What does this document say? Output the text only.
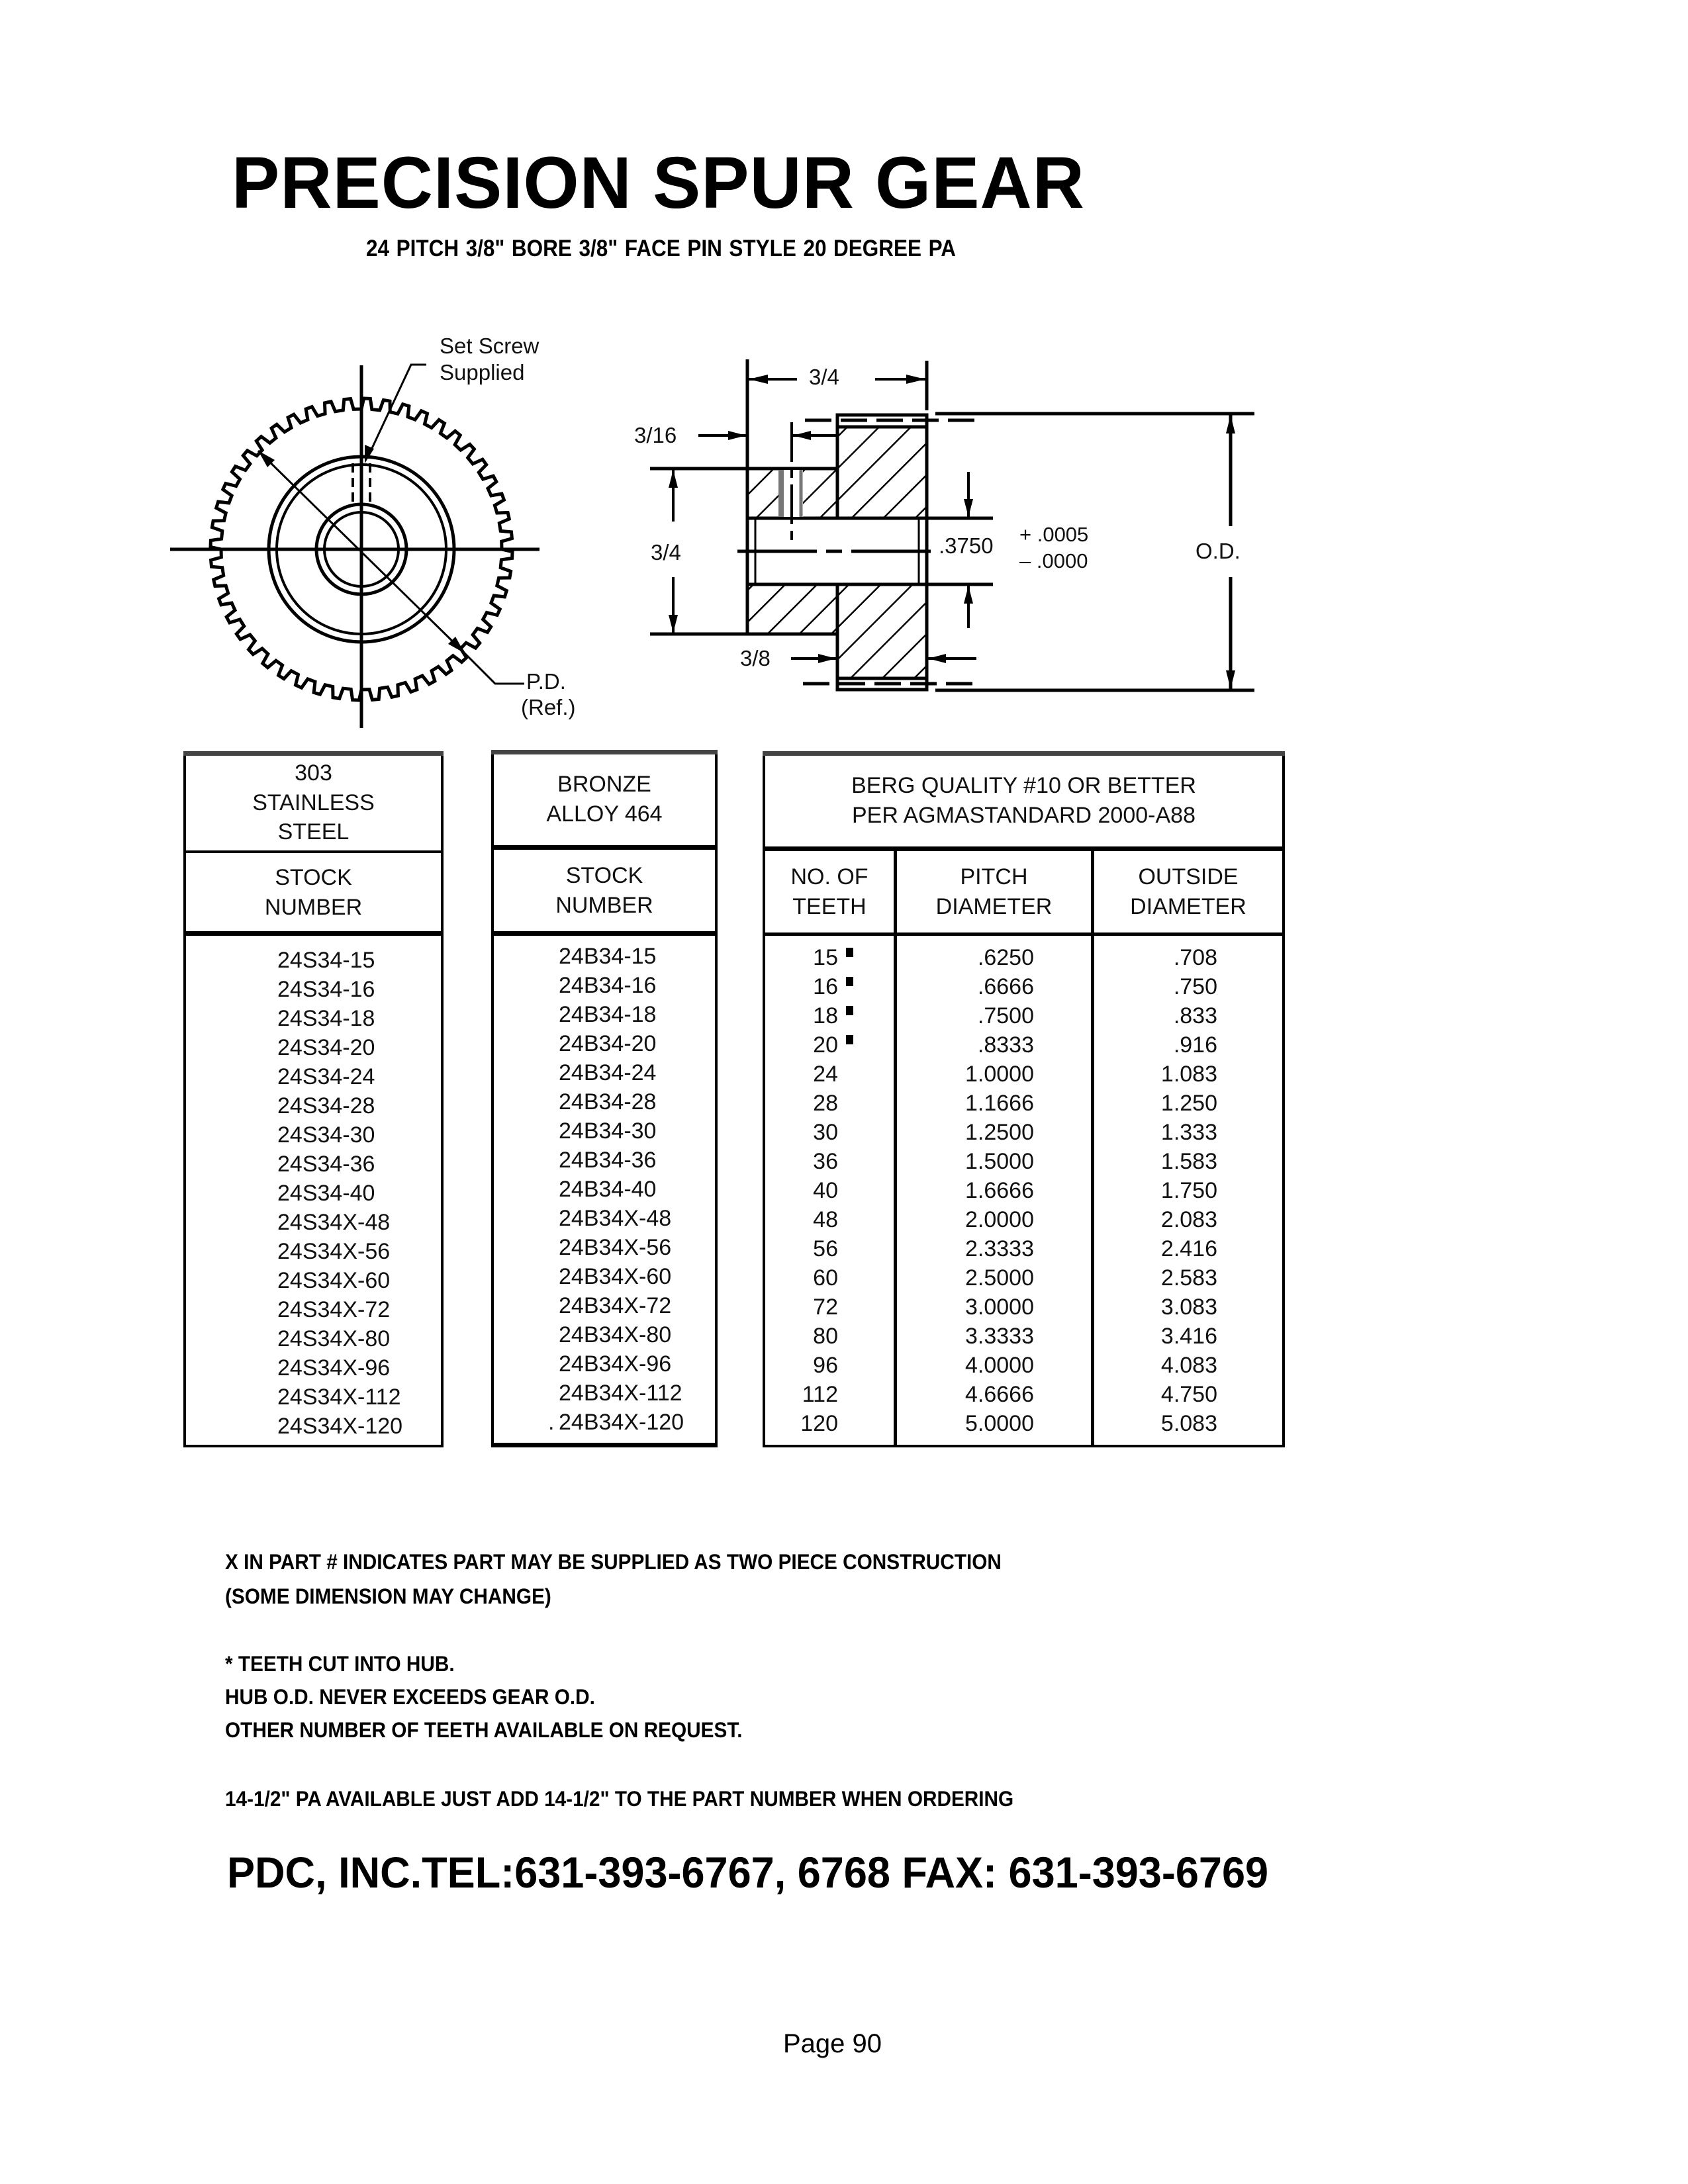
PRECISION SPUR GEAR
24 PITCH 3/8" BORE 3/8" FACE PIN STYLE 20 DEGREE PA
Set Screw
Supplied
P.D.
(Ref.)
3/4
3/16
3/4
3/8
.3750 + .0005
– .0000	O.D.
303
STAINLESS
STEEL
STOCK
NUMBER
24S34-15
24S34-16
24S34-18
24S34-20
24S34-24
24S34-28
24S34-30
24S34-36
24S34-40
24S34X-48
24S34X-56
24S34X-60
24S34X-72
24S34X-80
24S34X-96
24S34X-112
24S34X-120
BRONZE
ALLOY 464
STOCK
NUMBER
24B34-15
24B34-16
24B34-18
24B34-20
24B34-24
24B34-28
24B34-30
24B34-36
24B34-40
24B34X-48
24B34X-56
24B34X-60
24B34X-72
24B34X-80
24B34X-96
24B34X-112
24B34X-120
.
BERG QUALITY #10 OR BETTER
PER AGMASTANDARD 2000-A88
NO. OF
TEETH
PITCH
DIAMETER
OUTSIDE
DIAMETER
15	.6250	.708
16	.6666	.750
18	.7500	.833
20	.8333	.916
24	1.0000	1.083
28	1.1666	1.250
30	1.2500	1.333
36	1.5000	1.583
40	1.6666	1.750
48	2.0000	2.083
56	2.3333	2.416
60	2.5000	2.583
72	3.0000	3.083
80	3.3333	3.416
96	4.0000	4.083
112	4.6666	4.750
120	5.0000	5.083
X IN PART # INDICATES PART MAY BE SUPPLIED AS TWO PIECE CONSTRUCTION
(SOME DIMENSION MAY CHANGE)
* TEETH CUT INTO HUB.
HUB O.D. NEVER EXCEEDS GEAR O.D.
OTHER NUMBER OF TEETH AVAILABLE ON REQUEST.
14-1/2" PA AVAILABLE JUST ADD 14-1/2" TO THE PART NUMBER WHEN ORDERING
PDC, INC.TEL:631-393-6767, 6768 FAX: 631-393-6769
Page 90
